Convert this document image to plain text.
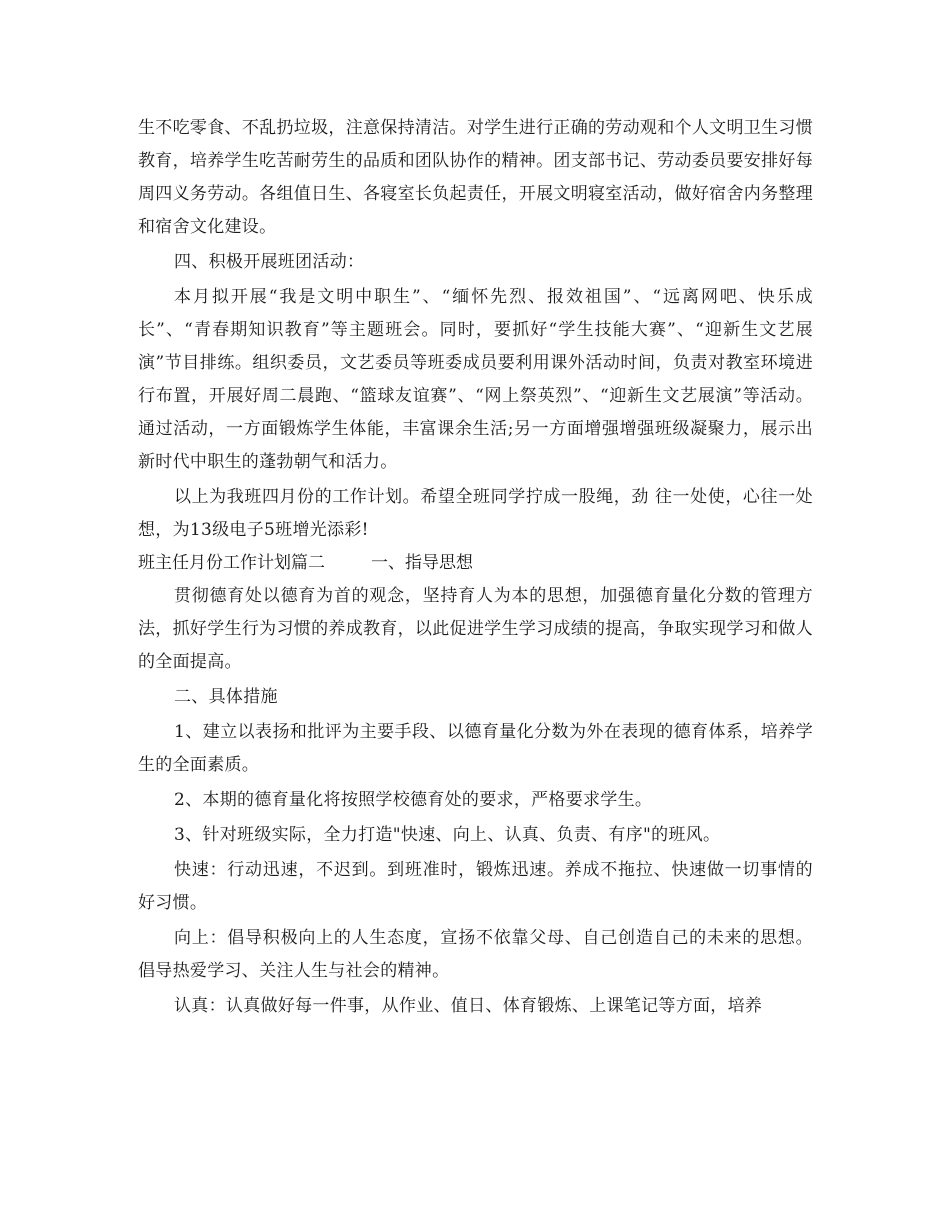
生不吃零食、不乱扔垃圾，注意保持清洁。对学生进行正确的劳动观和个人文明卫生习惯教育，培养学生吃苦耐劳生的品质和团队协作的精神。团支部书记、劳动委员要安排好每周四义务劳动。各组值日生、各寝室长负起责任，开展文明寝室活动，做好宿舍内务整理和宿舍文化建设。

四、积极开展班团活动：

本月拟开展“我是文明中职生”、“缅怀先烈、报效祖国”、“远离网吧、快乐成长”、“青春期知识教育”等主题班会。同时，要抓好“学生技能大赛”、“迎新生文艺展演”节目排练。组织委员，文艺委员等班委成员要利用课外活动时间，负责对教室环境进行布置，开展好周二晨跑、“篮球友谊赛”、“网上祭英烈”、“迎新生文艺展演”等活动。通过活动，一方面锻炼学生体能，丰富课余生活;另一方面增强增强班级凝聚力，展示出新时代中职生的蓬勃朝气和活力。

以上为我班四月份的工作计划。希望全班同学拧成一股绳，劲 往一处使，心往一处想，为13级电子5班增光添彩!

班主任月份工作计划篇二	一、指导思想

贯彻德育处以德育为首的观念，坚持育人为本的思想，加强德育量化分数的管理方法，抓好学生行为习惯的养成教育，以此促进学生学习成绩的提高，争取实现学习和做人的全面提高。

二、具体措施

1、建立以表扬和批评为主要手段、以德育量化分数为外在表现的德育体系，培养学生的全面素质。

2、本期的德育量化将按照学校德育处的要求，严格要求学生。

3、针对班级实际，全力打造"快速、向上、认真、负责、有序"的班风。

快速：行动迅速，不迟到。到班准时，锻炼迅速。养成不拖拉、快速做一切事情的好习惯。

向上：倡导积极向上的人生态度，宣扬不依靠父母、自己创造自己的未来的思想。倡导热爱学习、关注人生与社会的精神。

认真：认真做好每一件事，从作业、值日、体育锻炼、上课笔记等方面，培养
